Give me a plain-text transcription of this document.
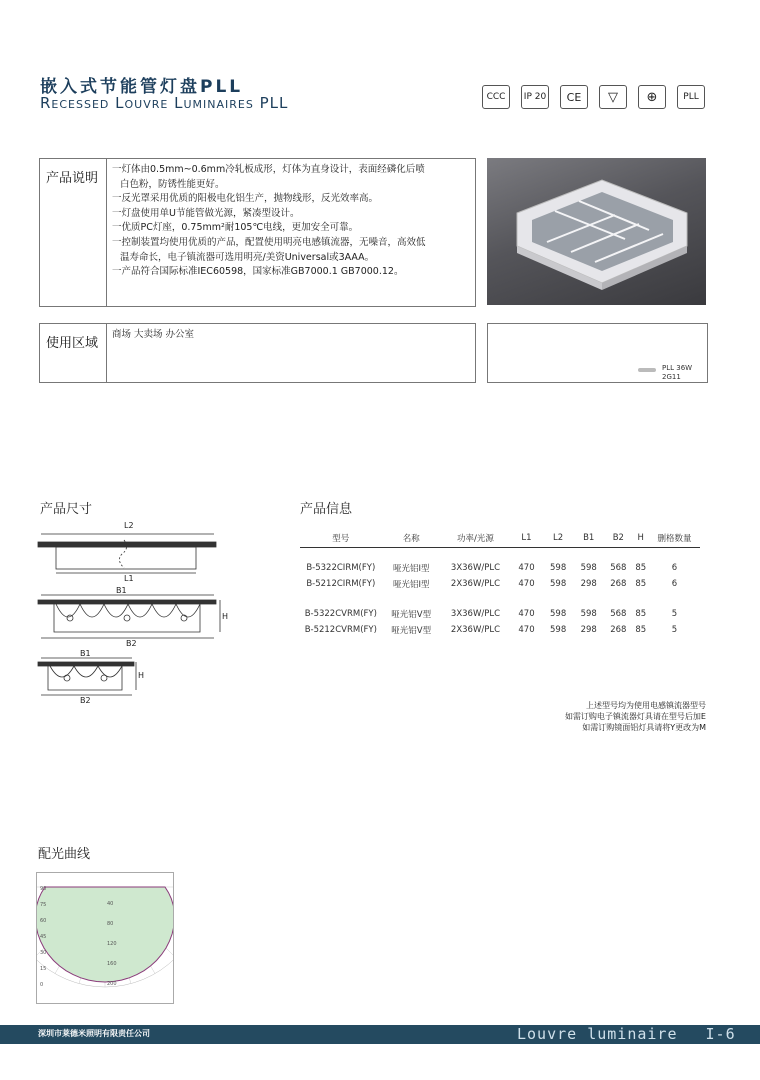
嵌入式节能管灯盘PLL
Recessed Louvre Luminaires PLL	CCC	IP 20	CE	▽	⊕	PLL
产品说明
一灯体由0.5mm~0.6mm冷轧板成形，灯体为直身设计，表面经磷化后喷
白色粉，防锈性能更好。
一反光罩采用优质的阳极电化铝生产，抛物线形，反光效率高。
一灯盘使用单U节能管做光源，紧凑型设计。
一优质PC灯座，0.75mm²耐105℃电线，更加安全可靠。
一控制装置均使用优质的产品，配置使用明亮电感镇流器，无噪音，高效低
温寿命长，电子镇流器可选用明亮/美资Universal或3AAA。
一产品符合国际标准IEC60598，国家标准GB7000.1 GB7000.12。
使用区域
商场 大卖场 办公室
PLL 36W
2G11
产品尺寸
L2
L1
B1
H
B2
B1
H
B2
产品信息
型号	名称	功率/光源	L1	L2	B1	B2	H	删格数量

B-5322CIRM(FY)	哑光铝I型	3X36W/PLC	470	598	598	568	85	6
B-5212CIRM(FY)	哑光铝I型	2X36W/PLC	470	598	298	268	85	6

B-5322CVRM(FY)	哑光铝V型	3X36W/PLC	470	598	598	568	85	5
B-5212CVRM(FY)	哑光铝V型	2X36W/PLC	470	598	298	268	85	5
上述型号均为使用电感镇流器型号
如需订购电子镇流器灯具请在型号后加E
如需订购镜面铝灯具请将Y更改为M
配光曲线
40
80
120
160
200
90
75
60
45
30
15
0
深圳市莱德米照明有限责任公司	Louvre luminaire I-6
